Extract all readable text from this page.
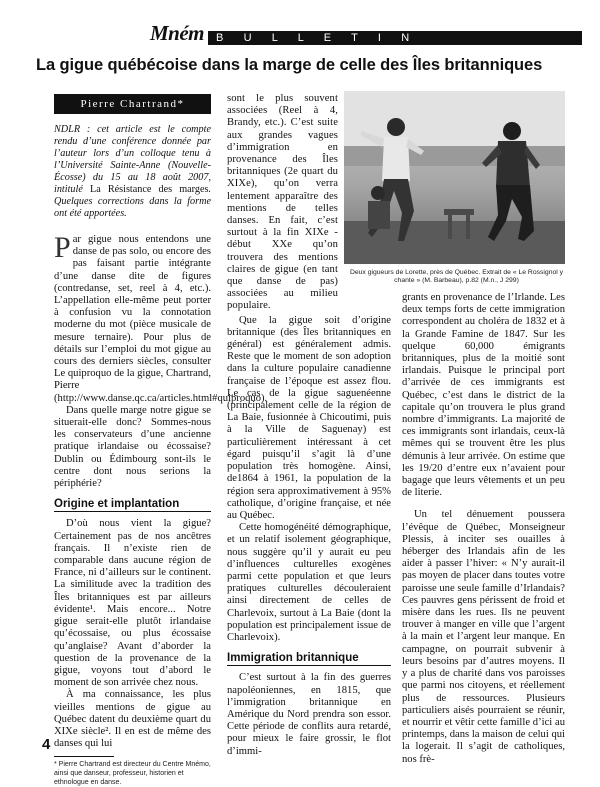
B U L L E T I N
Mném
La gigue québécoise dans la marge de celle des Îles britanniques
Pierre Chartrand*

NDLR : cet article est le compte rendu d’une conférence donnée par l’auteur lors d’un colloque tenu à l’Université Sainte-Anne (Nouvelle-Écosse) du 15 au 18 août 2007, intitulé La Résistance des marges. Quelques corrections dans la forme ont été apportées.

Par gigue nous entendons une danse de pas solo, ou encore des pas faisant partie intégrante d’une danse dite de figures (contredanse, set, reel à 4, etc.). L’appellation elle-même peut porter à confusion vu la connotation moderne du mot (pièce musicale de mesure ternaire). Pour plus de détails sur l’emploi du mot gigue au cours des derniers siècles, consulter Le quiproquo de la gigue, Chartrand, Pierre (http://www.danse.qc.ca/articles.html#quiproquo).

Dans quelle marge notre gigue se situerait-elle donc? Sommes-nous les conservateurs d’une ancienne pratique irlandaise ou écossaise? Dublin ou Édimbourg sont-ils le centre dont nous serions la périphérie?

Origine et implantation

D’où nous vient la gigue? Certainement pas de nos ancêtres français. Il n’existe rien de comparable dans aucune région de France, ni d’ailleurs sur le continent. La similitude avec la tradition des Îles britanniques est par ailleurs évidente¹. Mais encore... Notre gigue serait-elle plutôt irlandaise qu’écossaise, ou plus écossaise qu’anglaise? Avant d’aborder la question de la provenance de la gigue, voyons tout d’abord le moment de son arrivée chez nous.

À ma connaissance, les plus vieilles mentions de gigue au Québec datent du deuxième quart du XIXe siècle². Il en est de même des danses qui lui

* Pierre Chartrand est directeur du Centre Mnémo, ainsi que danseur, professeur, historien et ethnologue en danse.
Deux gigueurs de Lorette, près de Québec. Extrait de « Le Rossignol y chante » (M. Barbeau), p.82 (M.n., J 299)

sont le plus souvent associées (Reel à 4, Brandy, etc.). C’est suite aux grandes vagues d’immigration en provenance des Îles britanniques (2e quart du XIXe), qu’on verra lentement apparaître des mentions de telles danses. En fait, c’est surtout à la fin XIXe - début XXe qu’on trouvera des mentions claires de gigue (en tant que danse de pas) associées au milieu populaire.

Que la gigue soit d’origine britannique (des Îles britanniques en général) est généralement admis. Reste que le moment de son adoption dans la culture populaire canadienne française de l’époque est assez flou. Le cas de la gigue saguenéenne (principalement celle de la région de La Baie, fusionnée à Chicoutimi, puis à la Ville de Saguenay) est particulièrement intéressant à cet égard puisqu’il s’agit là d’une population très homogène. Ainsi, de1864 à 1961, la population de la région sera approximativement à 95% catholique, d’origine française, et née au Québec.

Cette homogénéité démographique, et un relatif isolement géographique, nous suggère qu’il y aurait eu peu d’influences culturelles exogènes parmi cette population et que leurs pratiques culturelles découleraient ainsi directement de celles de Charlevoix, surtout à La Baie (dont la population est principalement issue de Charlevoix).

Immigration britannique

C’est surtout à la fin des guerres napoléoniennes, en 1815, que l’immigration britannique en Amérique du Nord prendra son essor. Cette période de conflits aura retardé, pour mieux le faire grossir, le flot d’immi-

grants en provenance de l’Irlande. Les deux temps forts de cette immigration correspondent au choléra de 1832 et à la Grande Famine de 1847. Sur les quelque 60,000 émigrants britanniques, plus de la moitié sont irlandais. Puisque le principal port d’arrivée de ces immigrants est Québec, c’est dans le district de la capitale qu’on trouvera le plus grand nombre d’immigrants. La majorité de ces immigrants sont irlandais, ceux-là mêmes qui se trouvent être les plus démunis à leur arrivée. On estime que les 19/20 d’entre eux n’avaient pour bagage que leurs vêtements et un peu de literie.

Un tel dénuement poussera l’évêque de Québec, Monseigneur Plessis, à inciter ses ouailles à héberger des Irlandais afin de les aider à passer l’hiver: « N’y aurait-il pas moyen de placer dans toutes votre paroisse une seule famille d’Irlandais? Ces pauvres gens périssent de froid et misère dans les rues. Ils ne peuvent trouver à manger en ville que l’argent à la main et l’argent leur manque. En campagne, on pourrait subvenir à leurs besoins par d’autres moyens. Il y a plus de charité dans vos paroisses que parmi nos citoyens, et réellement plus de ressources. Plusieurs particuliers aisés pourraient se réunir, et nourrir et vêtir cette famille d’ici au printemps, dans la maison de celui qui la logerait. Il s’agit de catholiques, nos frè-

4
